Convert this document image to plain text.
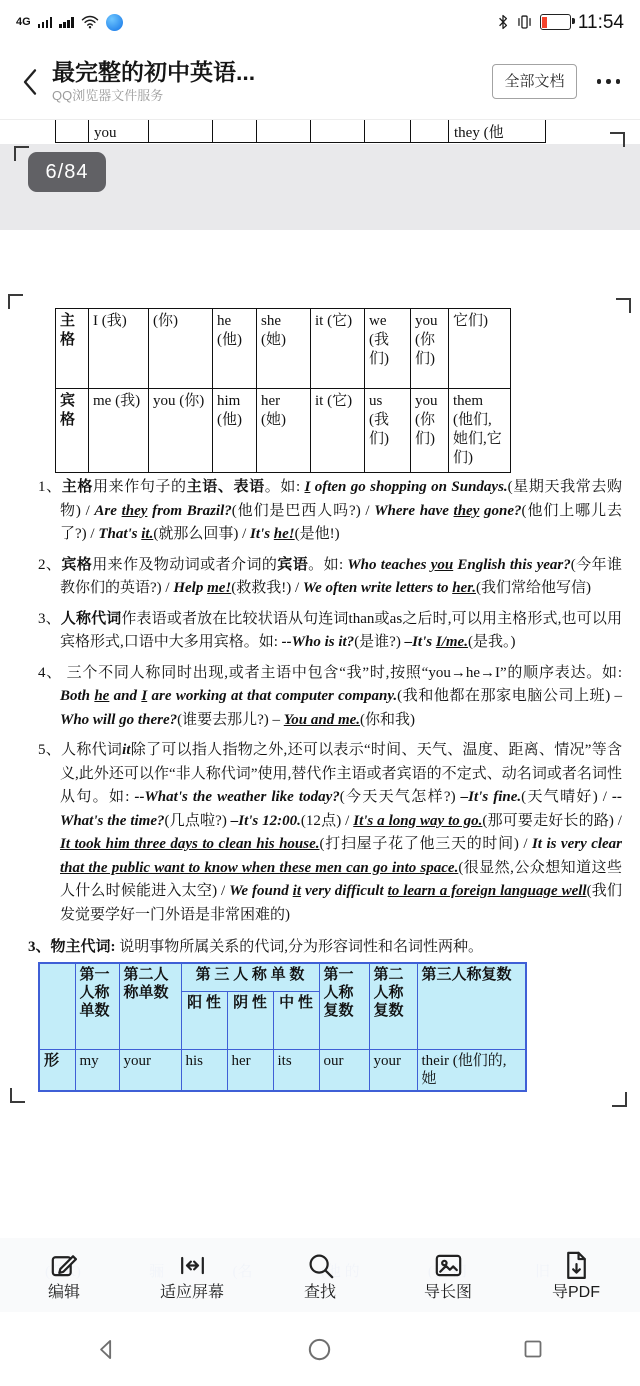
4G	11:54
最完整的初中英语...
QQ浏览器文件服务
全部文档
	you							they (他
6/84
主格	I (我)	(你)	he (他)	she (她)	it (它)	we (我们)	you (你们)	它们)
宾格	me (我)	you (你)	him (他)	her (她)	it (它)	us (我们)	you (你们)	them (他们,她们,它们)
1、主格用来作句子的主语、表语。如: I often go shopping on Sundays.(星期天我常去购物) / Are they from Brazil?(他们是巴西人吗?) / Where have they gone?(他们上哪儿去了?) / That's it.(就那么回事) / It's he!(是他!)
2、宾格用来作及物动词或者介词的宾语。如: Who teaches you English this year?(今年谁教你们的英语?) / Help me!(救救我!) / We often write letters to her.(我们常给他写信)
3、人称代词作表语或者放在比较状语从句连词than或as之后时,可以用主格形式,也可以用宾格形式,口语中大多用宾格。如: --Who is it?(是谁?) –It's I/me.(是我。)
4、 三个不同人称同时出现,或者主语中包含“我”时,按照“you→he→I”的顺序表达。如: Both he and I are working at that computer company.(我和他都在那家电脑公司上班) – Who will go there?(谁要去那儿?) – You and me.(你和我)
5、人称代词it除了可以指人指物之外,还可以表示“时间、天气、温度、距离、情况”等含义,此外还可以作“非人称代词”使用,替代作主语或者宾语的不定式、动名词或者名词性从句。如: --What's the weather like today?(今天天气怎样?) –It's fine.(天气晴好) / --What's the time?(几点啦?) –It's 12:00.(12点) / It's a long way to go.(那可要走好长的路) / It took him three days to clean his house.(打扫屋子花了他三天的时间) / It is very clear that the public want to know when these men can go into space.(很显然,公众想知道这些人什么时候能进入太空) / We found it very difficult to learn a foreign language well(我们发觉要学好一门外语是非常困难的)
3、物主代词: 说明事物所属关系的代词,分为形容词性和名词性两种。
	第一人称单数	第二人称单数	第 三 人 称 单 数			第一人称复数	第二人称复数	第三人称复数
			阳 性	阴 性	中 性			
形	my	your	his	her	its	our	your	their (他们的,她
编辑	适应屏幕	查找	导长图	导PDF
